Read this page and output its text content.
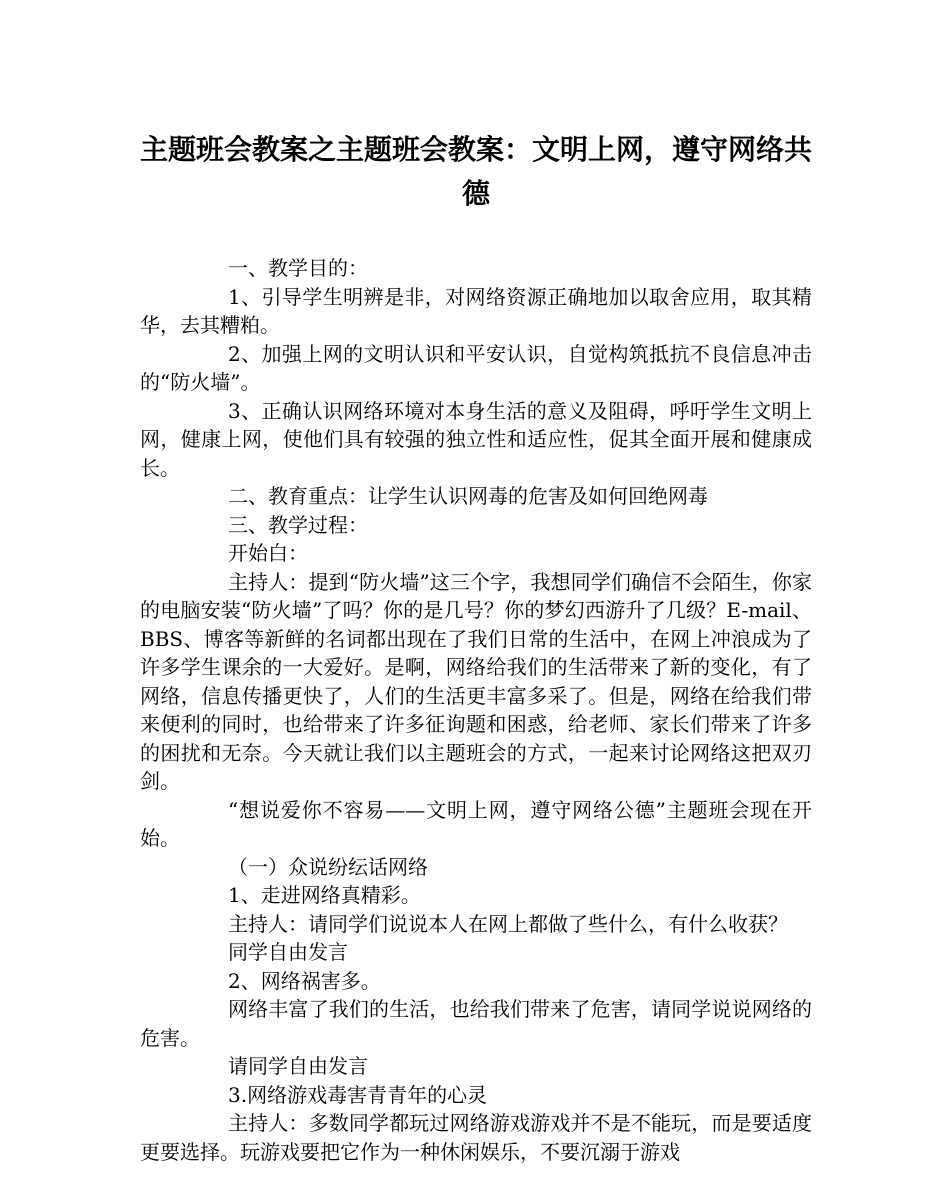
主题班会教案之主题班会教案：文明上网，遵守网络共德

一、教学目的：

1、引导学生明辨是非，对网络资源正确地加以取舍应用，取其精华，去其糟粕。

2、加强上网的文明认识和平安认识，自觉构筑抵抗不良信息冲击的“防火墙”。

3、正确认识网络环境对本身生活的意义及阻碍，呼吁学生文明上网，健康上网，使他们具有较强的独立性和适应性，促其全面开展和健康成长。

二、教育重点：让学生认识网毒的危害及如何回绝网毒

三、教学过程：

开始白：

主持人：提到“防火墙”这三个字，我想同学们确信不会陌生，你家的电脑安装“防火墙”了吗？你的是几号？你的梦幻西游升了几级？E-mail、BBS、博客等新鲜的名词都出现在了我们日常的生活中，在网上冲浪成为了许多学生课余的一大爱好。是啊，网络给我们的生活带来了新的变化，有了网络，信息传播更快了，人们的生活更丰富多采了。但是，网络在给我们带来便利的同时，也给带来了许多征询题和困惑，给老师、家长们带来了许多的困扰和无奈。今天就让我们以主题班会的方式，一起来讨论网络这把双刃剑。

“想说爱你不容易——文明上网，遵守网络公德”主题班会现在开始。

（一）众说纷纭话网络

1、走进网络真精彩。

主持人：请同学们说说本人在网上都做了些什么，有什么收获？

同学自由发言

2、网络祸害多。

网络丰富了我们的生活，也给我们带来了危害，请同学说说网络的危害。

请同学自由发言

3.网络游戏毒害青青年的心灵

主持人：多数同学都玩过网络游戏游戏并不是不能玩，而是要适度更要选择。玩游戏要把它作为一种休闲娱乐，不要沉溺于游戏
